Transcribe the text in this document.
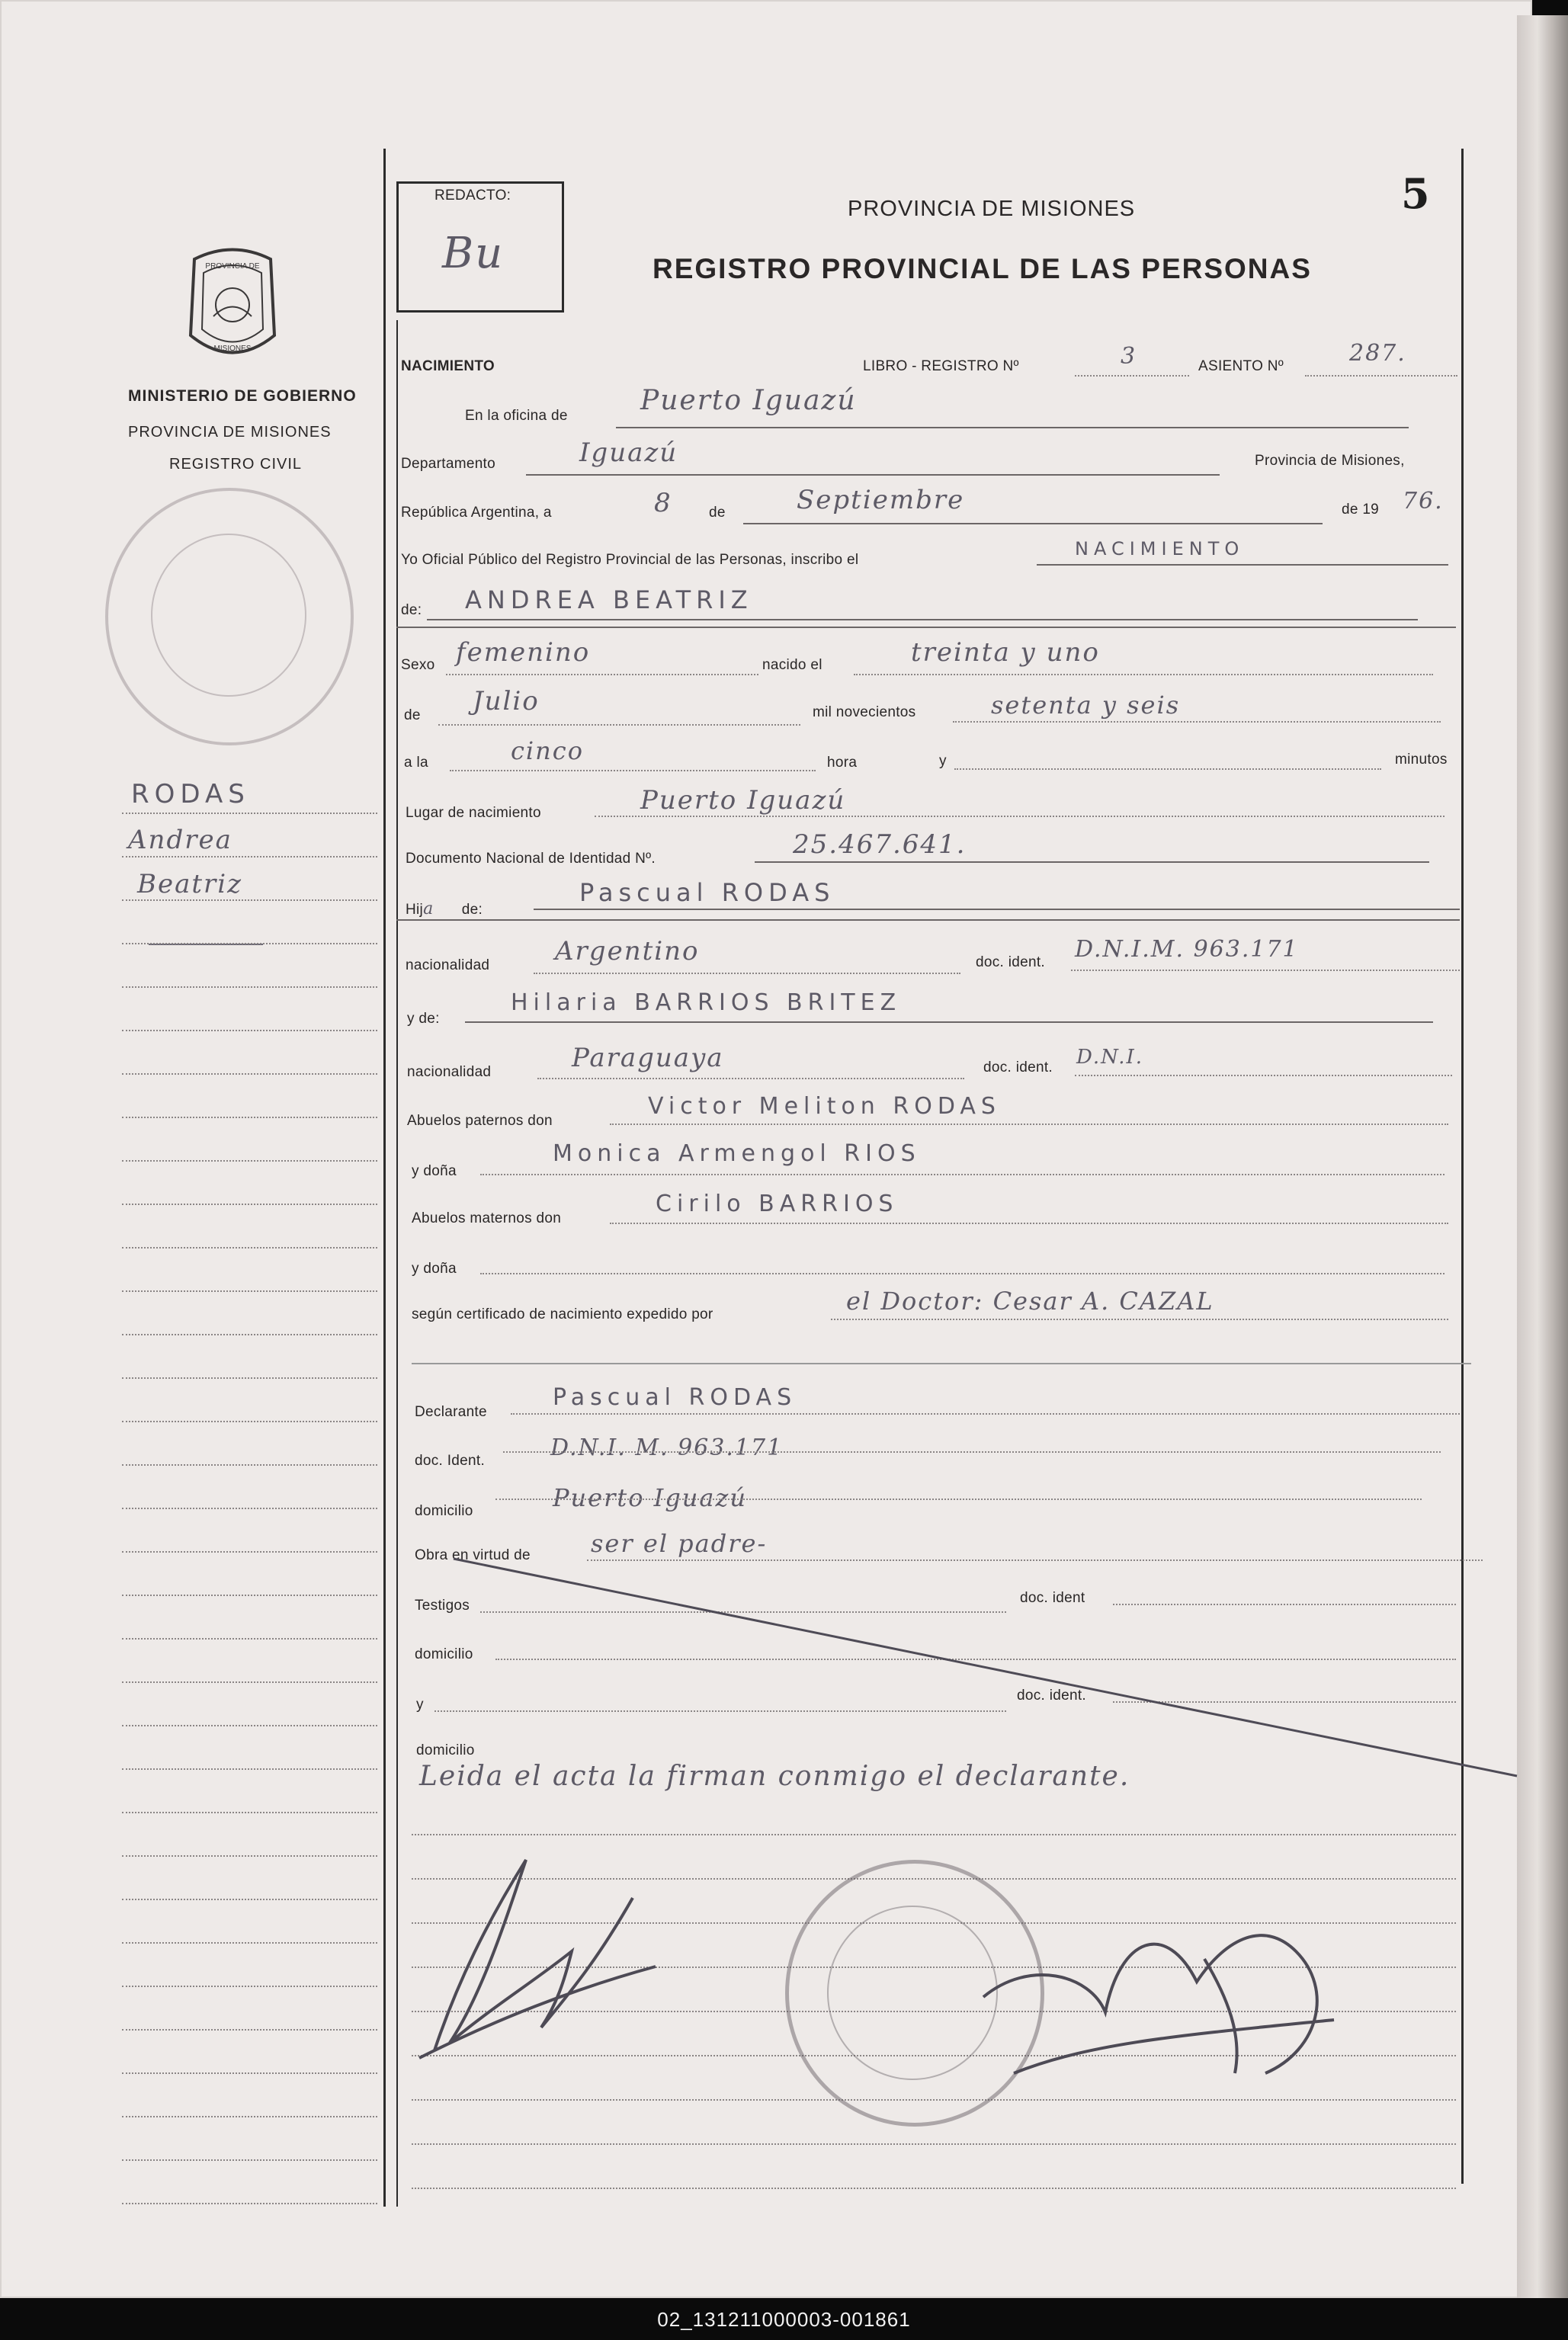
5
PROVINCIA DE
MISIONES
MINISTERIO DE GOBIERNO
PROVINCIA DE MISIONES
REGISTRO CIVIL
RODAS
Andrea
Beatriz
REDACTO:
Bu
PROVINCIA DE MISIONES
REGISTRO PROVINCIAL DE LAS PERSONAS
NACIMIENTO	LIBRO - REGISTRO Nº	3	ASIENTO Nº	287.
En la oficina de	Puerto Iguazú
Departamento	Iguazú	Provincia de Misiones,
República Argentina, a	8	de	Septiembre	de 19 76.
Yo Oficial Público del Registro Provincial de las Personas, inscribo el
NACIMIENTO
de: ANDREA BEATRIZ
Sexo femenino	nacido el	treinta y uno
de Julio	mil novecientos	setenta y seis
a la	cinco	hora	y	minutos
Lugar de nacimiento	Puerto Iguazú
Documento Nacional de Identidad Nº.	25.467.641.
Hija de:
Pascual RODAS
nacionalidad	Argentino	doc. ident. D.N.I.M. 963.171
y de:
Hilaria BARRIOS BRITEZ
nacionalidad	Paraguaya	doc. ident. D.N.I.
Abuelos paternos don
Victor Meliton RODAS
y doña
Monica Armengol RIOS
Abuelos maternos don
Cirilo BARRIOS
y doña
según certificado de nacimiento expedido por	el Doctor: Cesar A. CAZAL
Declarante
Pascual RODAS
doc. Ident.	D.N.I. M. 963.171
domicilio	Puerto Iguazú
Obra en virtud de ser el padre-
Testigos	doc. ident
domicilio
y
doc. ident.
domicilio
Leida el acta la firman conmigo el declarante.
02_131211000003-001861
